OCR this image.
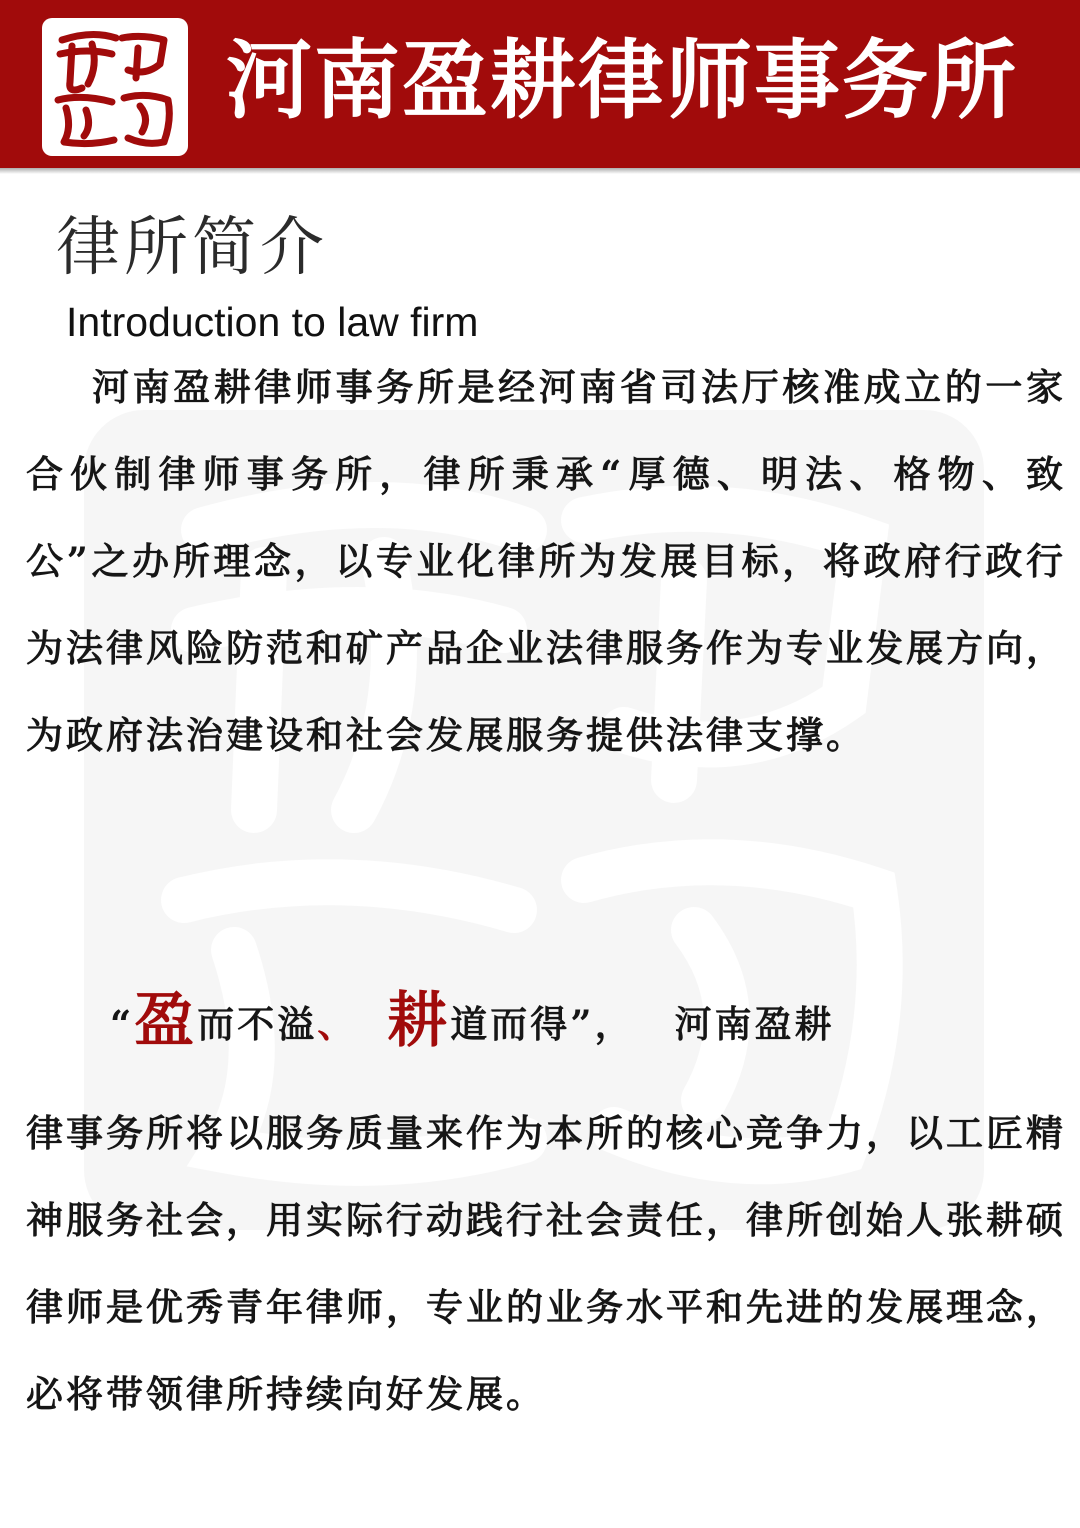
河南盈耕律师事务所
律所简介
Introduction to law firm
河南盈耕律师事务所是经河南省司法厅核准成立的一家合伙制律师事务所，律所秉承“厚德、明法、格物、致公”之办所理念，以专业化律所为发展目标，将政府行政行为法律风险防范和矿产品企业法律服务作为专业发展方向，为政府法治建设和社会发展服务提供法律支撑。
“盈而不溢、 耕道而得”， 河南盈耕
律事务所将以服务质量来作为本所的核心竞争力，以工匠精神服务社会，用实际行动践行社会责任，律所创始人张耕硕律师是优秀青年律师，专业的业务水平和先进的发展理念，必将带领律所持续向好发展。
